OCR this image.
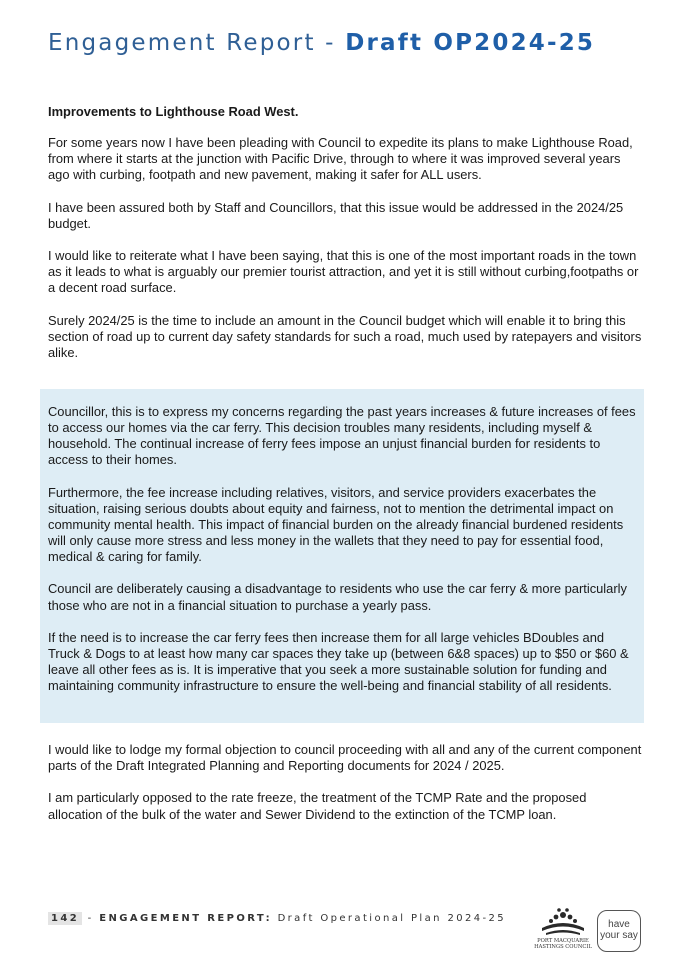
Engagement Report - Draft OP2024-25
Improvements to Lighthouse Road West.

For some years now I have been pleading with Council to expedite its plans to make Lighthouse Road, from where it starts at the junction with Pacific Drive, through to where it was improved several years ago with curbing, footpath and new pavement, making it safer for ALL users.

I have been assured both by Staff and Councillors, that this issue would be addressed in the 2024/25 budget.

I would like to reiterate what I have been saying, that this is one of the most important roads in the town as it leads to what is arguably our premier tourist attraction, and yet it is still without curbing,footpaths or a decent road surface.

Surely 2024/25 is the time to include an amount in the Council budget which will enable it to bring this section of road up to current day safety standards for such a road, much used by ratepayers and visitors alike.

Councillor, this is to express my concerns regarding the past years increases & future increases of fees to access our homes via the car ferry. This decision troubles many residents, including myself & household. The continual increase of ferry fees impose an unjust financial burden for residents to access to their homes.

Furthermore, the fee increase including relatives, visitors, and service providers exacerbates the situation, raising serious doubts about equity and fairness, not to mention the detrimental impact on community mental health. This impact of financial burden on the already financial burdened residents will only cause more stress and less money in the wallets that they need to pay for essential food, medical & caring for family.

Council are deliberately causing a disadvantage to residents who use the car ferry & more particularly those who are not in a financial situation to purchase a yearly pass.

If the need is to increase the car ferry fees then increase them for all large vehicles BDoubles and Truck & Dogs to at least how many car spaces they take up (between 6&8 spaces) up to $50 or $60 & leave all other fees as is. It is imperative that you seek a more sustainable solution for funding and maintaining community infrastructure to ensure the well-being and financial stability of all residents.

I would like to lodge my formal objection to council proceeding with all and any of the current component parts of the Draft Integrated Planning and Reporting documents for 2024 / 2025.

I am particularly opposed to the rate freeze, the treatment of the TCMP Rate and the proposed allocation of the bulk of the water and Sewer Dividend to the extinction of the TCMP loan.

142 - ENGAGEMENT REPORT: Draft Operational Plan 2024-25
PORT MACQUARIE
HASTINGS COUNCIL
have
your say
